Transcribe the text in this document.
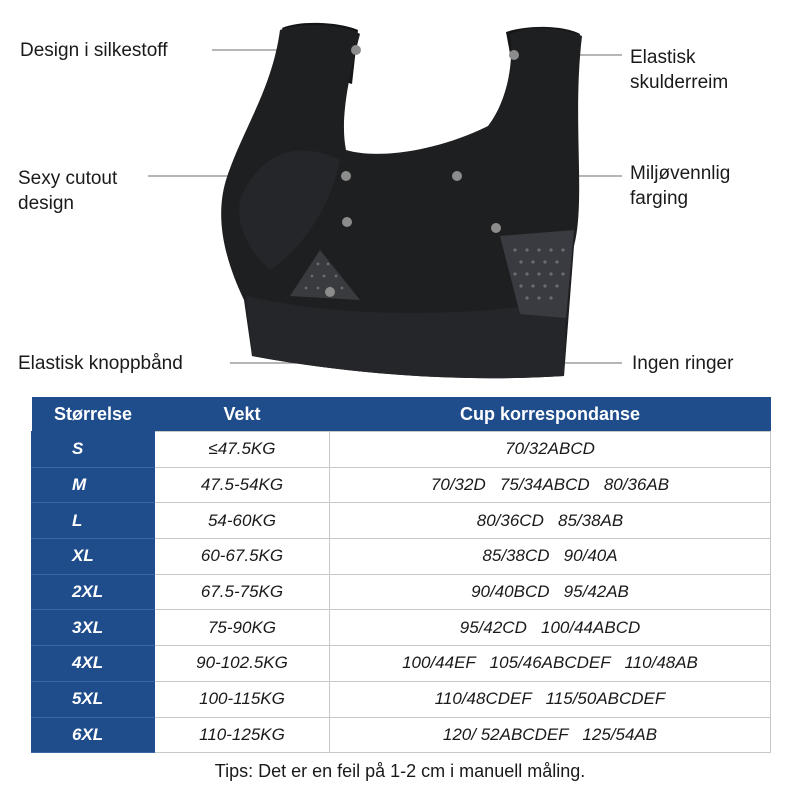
Design i silkestoff	Elastisk
skulderreim
Sexy cutout
design
Miljøvennlig
farging
Elastisk knoppbånd	Ingen ringer
Størrelse	Vekt	Cup korrespondanse
S	≤47.5KG	70/32ABCD
M	47.5-54KG	70/32D   75/34ABCD   80/36AB
L	54-60KG	80/36CD   85/38AB
XL	60-67.5KG	85/38CD   90/40A
2XL	67.5-75KG	90/40BCD   95/42AB
3XL	75-90KG	95/42CD   100/44ABCD
4XL	90-102.5KG	100/44EF   105/46ABCDEF   110/48AB
5XL	100-115KG	110/48CDEF   115/50ABCDEF
6XL	110-125KG	120/ 52ABCDEF   125/54AB
Tips: Det er en feil på 1-2 cm i manuell måling.
